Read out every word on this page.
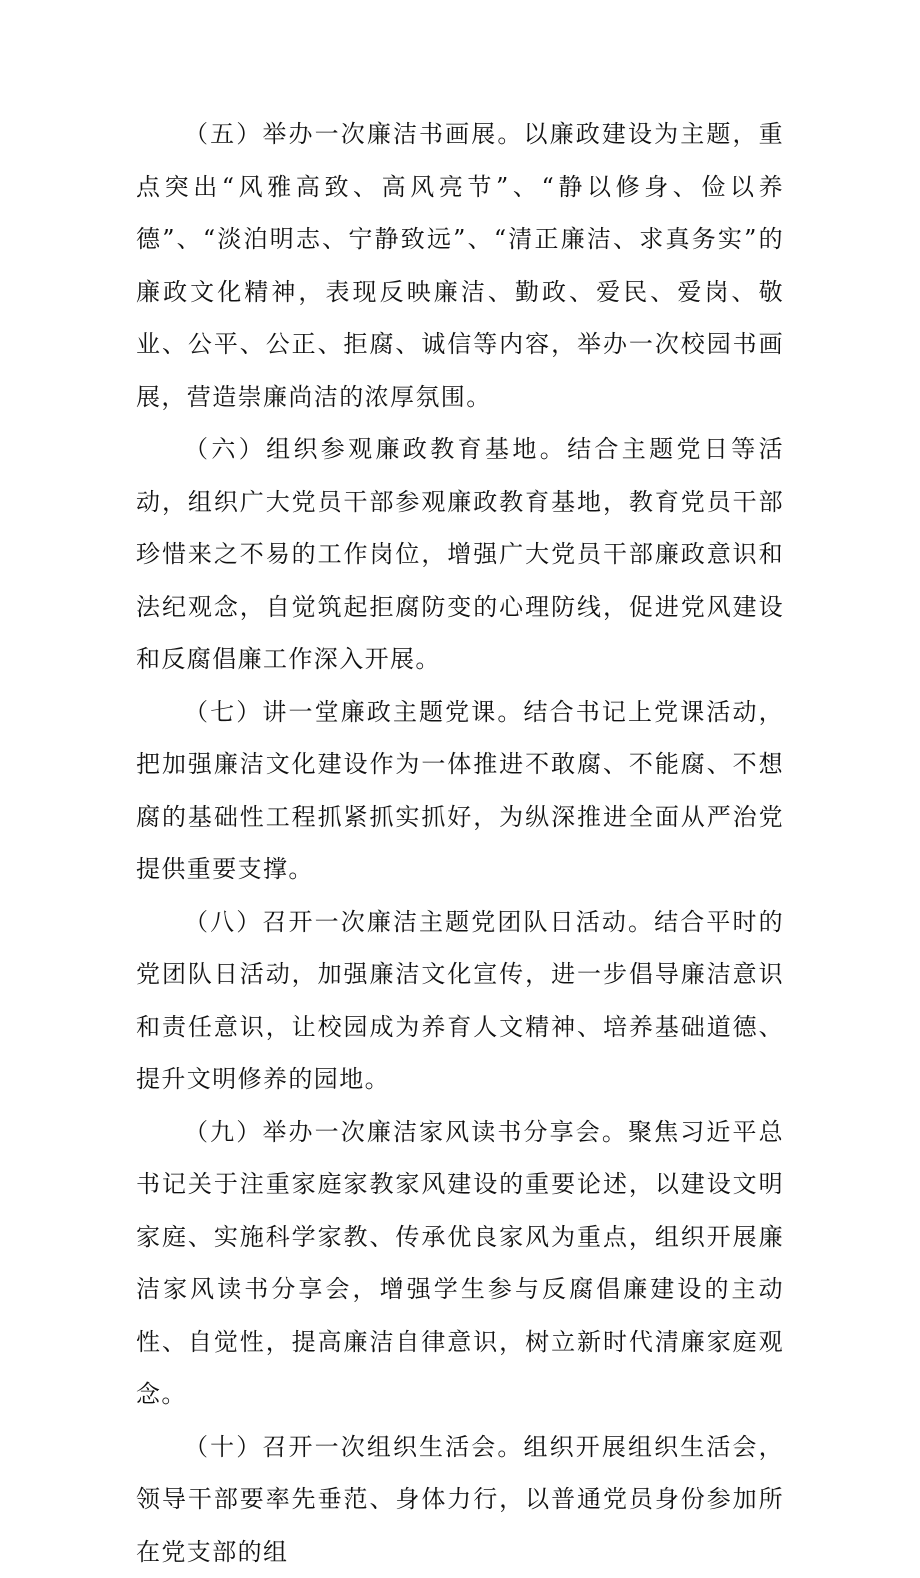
（五）举办一次廉洁书画展。以廉政建设为主题，重点突出“风雅高致、高风亮节”、“静以修身、俭以养德”、“淡泊明志、宁静致远”、“清正廉洁、求真务实”的廉政文化精神，表现反映廉洁、勤政、爱民、爱岗、敬业、公平、公正、拒腐、诚信等内容，举办一次校园书画展，营造崇廉尚洁的浓厚氛围。

（六）组织参观廉政教育基地。结合主题党日等活动，组织广大党员干部参观廉政教育基地，教育党员干部珍惜来之不易的工作岗位，增强广大党员干部廉政意识和法纪观念，自觉筑起拒腐防变的心理防线，促进党风建设和反腐倡廉工作深入开展。

（七）讲一堂廉政主题党课。结合书记上党课活动，把加强廉洁文化建设作为一体推进不敢腐、不能腐、不想腐的基础性工程抓紧抓实抓好，为纵深推进全面从严治党提供重要支撑。

（八）召开一次廉洁主题党团队日活动。结合平时的党团队日活动，加强廉洁文化宣传，进一步倡导廉洁意识和责任意识，让校园成为养育人文精神、培养基础道德、提升文明修养的园地。

（九）举办一次廉洁家风读书分享会。聚焦习近平总书记关于注重家庭家教家风建设的重要论述，以建设文明家庭、实施科学家教、传承优良家风为重点，组织开展廉洁家风读书分享会，增强学生参与反腐倡廉建设的主动性、自觉性，提高廉洁自律意识，树立新时代清廉家庭观念。

（十）召开一次组织生活会。组织开展组织生活会，领导干部要率先垂范、身体力行，以普通党员身份参加所在党支部的组
